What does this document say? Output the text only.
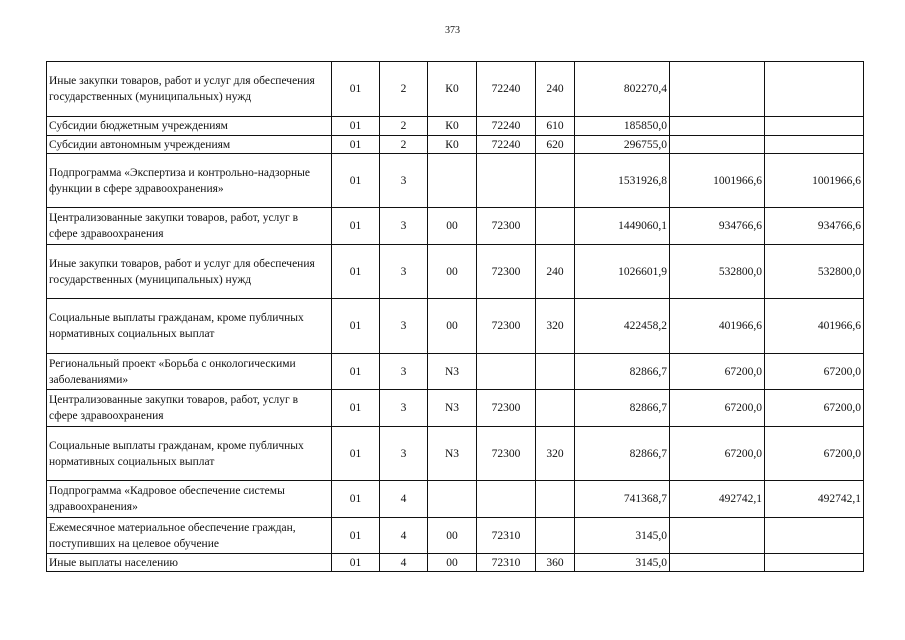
373
Иные закупки товаров, работ и услуг для обеспечения государственных (муниципальных) нужд	01	2	К0	72240	240	802270,4		
Субсидии бюджетным учреждениям	01	2	К0	72240	610	185850,0		
Субсидии автономным учреждениям	01	2	К0	72240	620	296755,0		
Подпрограмма «Экспертиза и контрольно-надзорные функции в сфере здравоохранения»	01	3				1531926,8	1001966,6	1001966,6
Централизованные закупки товаров, работ, услуг в сфере здравоохранения	01	3	00	72300		1449060,1	934766,6	934766,6
Иные закупки товаров, работ и услуг для обеспечения государственных (муниципальных) нужд	01	3	00	72300	240	1026601,9	532800,0	532800,0
Социальные выплаты гражданам, кроме публичных нормативных социальных выплат	01	3	00	72300	320	422458,2	401966,6	401966,6
Региональный проект «Борьба с онкологическими заболеваниями»	01	3	N3			82866,7	67200,0	67200,0
Централизованные закупки товаров, работ, услуг в сфере здравоохранения	01	3	N3	72300		82866,7	67200,0	67200,0
Социальные выплаты гражданам, кроме публичных нормативных социальных выплат	01	3	N3	72300	320	82866,7	67200,0	67200,0
Подпрограмма «Кадровое обеспечение системы здравоохранения»	01	4				741368,7	492742,1	492742,1
Ежемесячное материальное обеспечение граждан, поступивших на целевое обучение	01	4	00	72310		3145,0		
Иные выплаты населению	01	4	00	72310	360	3145,0		
